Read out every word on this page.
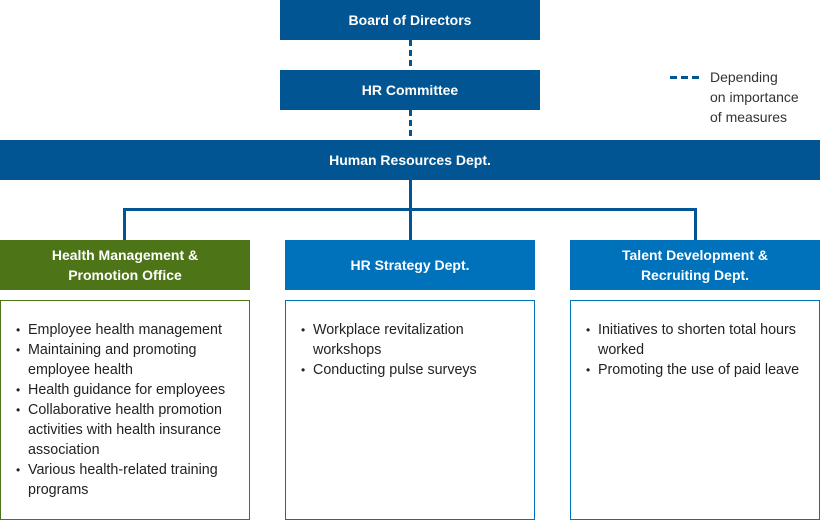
Board of Directors
HR Committee
Human Resources Dept.
Depending
on importance
of measures
Health Management &
Promotion Office
HR Strategy Dept.
Talent Development &
Recruiting Dept.
• Employee health management
• Maintaining and promoting employee health
• Health guidance for employees
• Collaborative health promotion activities with health insurance association
• Various health-related training programs
• Workplace revitalization workshops
• Conducting pulse surveys
• Initiatives to shorten total hours worked
• Promoting the use of paid leave
